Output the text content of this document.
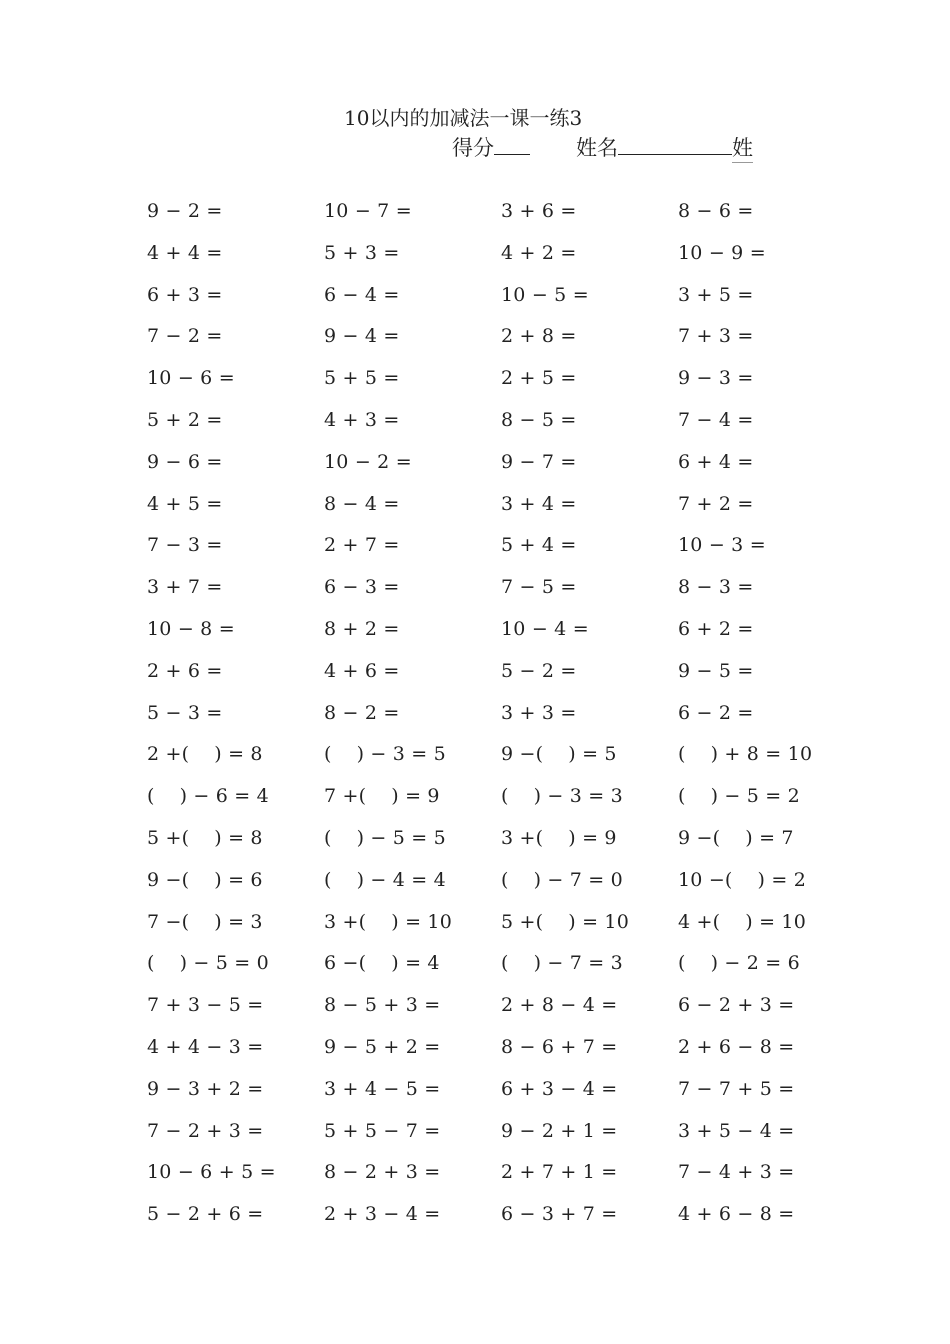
10以内的加减法一课一练3
得分	姓名	姓
9 − 2 =	10 − 7 =	3 + 6 =	8 − 6 =
4 + 4 =	5 + 3 =	4 + 2 =	10 − 9 =
6 + 3 =	6 − 4 =	10 − 5 =	3 + 5 =
7 − 2 =	9 − 4 =	2 + 8 =	7 + 3 =
10 − 6 =	5 + 5 =	2 + 5 =	9 − 3 =
5 + 2 =	4 + 3 =	8 − 5 =	7 − 4 =
9 − 6 =	10 − 2 =	9 − 7 =	6 + 4 =
4 + 5 =	8 − 4 =	3 + 4 =	7 + 2 =
7 − 3 =	2 + 7 =	5 + 4 =	10 − 3 =
3 + 7 =	6 − 3 =	7 − 5 =	8 − 3 =
10 − 8 =	8 + 2 =	10 − 4 =	6 + 2 =
2 + 6 =	4 + 6 =	5 − 2 =	9 − 5 =
5 − 3 =	8 − 2 =	3 + 3 =	6 − 2 =
2 +(    ) = 8	(    ) − 3 = 5	9 −(    ) = 5	(    ) + 8 = 10
(    ) − 6 = 4	7 +(    ) = 9	(    ) − 3 = 3	(    ) − 5 = 2
5 +(    ) = 8	(    ) − 5 = 5	3 +(    ) = 9	9 −(    ) = 7
9 −(    ) = 6	(    ) − 4 = 4	(    ) − 7 = 0	10 −(    ) = 2
7 −(    ) = 3	3 +(    ) = 10	5 +(    ) = 10	4 +(    ) = 10
(    ) − 5 = 0	6 −(    ) = 4	(    ) − 7 = 3	(    ) − 2 = 6
7 + 3 − 5 =	8 − 5 + 3 =	2 + 8 − 4 =	6 − 2 + 3 =
4 + 4 − 3 =	9 − 5 + 2 =	8 − 6 + 7 =	2 + 6 − 8 =
9 − 3 + 2 =	3 + 4 − 5 =	6 + 3 − 4 =	7 − 7 + 5 =
7 − 2 + 3 =	5 + 5 − 7 =	9 − 2 + 1 =	3 + 5 − 4 =
10 − 6 + 5 =	8 − 2 + 3 =	2 + 7 + 1 =	7 − 4 + 3 =
5 − 2 + 6 =	2 + 3 − 4 =	6 − 3 + 7 =	4 + 6 − 8 =
